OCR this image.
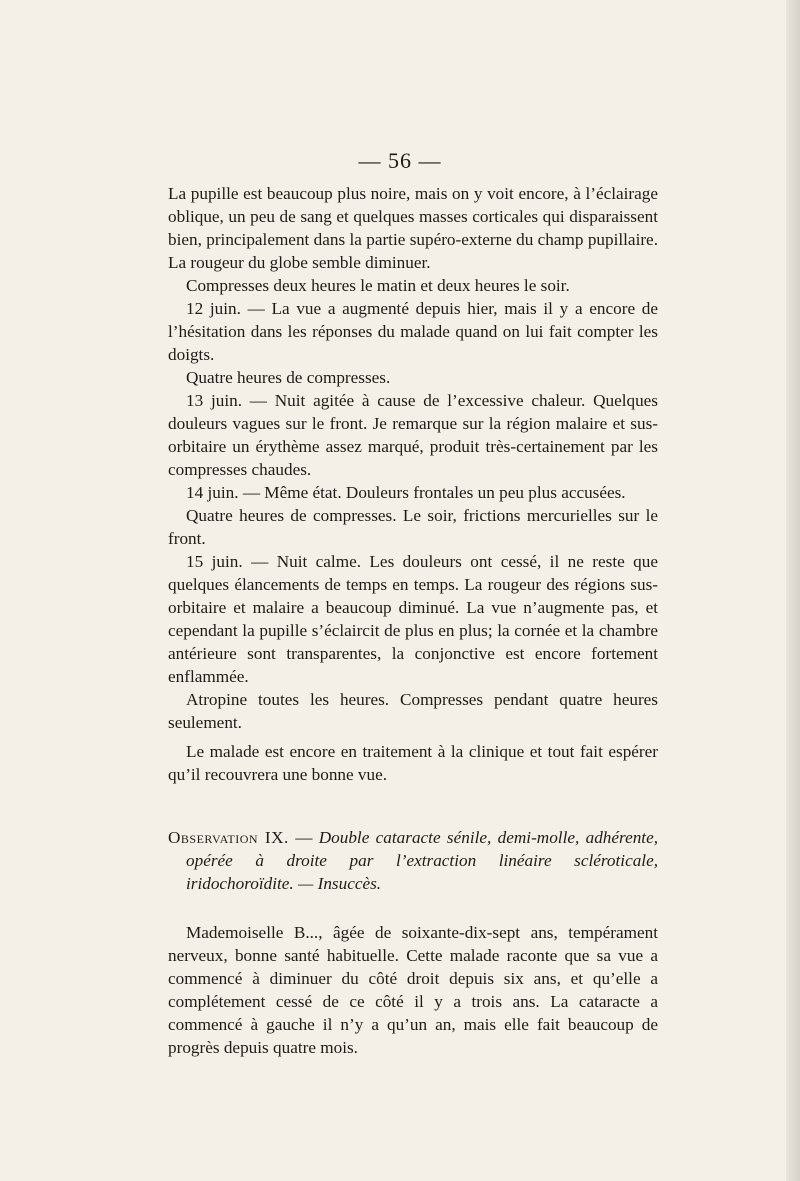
— 56 —

La pupille est beaucoup plus noire, mais on y voit encore, à l’éclairage oblique, un peu de sang et quelques masses corticales qui disparaissent bien, principalement dans la partie supéro-externe du champ pupillaire. La rougeur du globe semble diminuer.

Compresses deux heures le matin et deux heures le soir.

12 juin. — La vue a augmenté depuis hier, mais il y a encore de l’hésitation dans les réponses du malade quand on lui fait compter les doigts.

Quatre heures de compresses.

13 juin. — Nuit agitée à cause de l’excessive chaleur. Quelques douleurs vagues sur le front. Je remarque sur la région malaire et sus-orbitaire un érythème assez marqué, produit très-certainement par les compresses chaudes.

14 juin. — Même état. Douleurs frontales un peu plus accusées.

Quatre heures de compresses. Le soir, frictions mercurielles sur le front.

15 juin. — Nuit calme. Les douleurs ont cessé, il ne reste que quelques élancements de temps en temps. La rougeur des régions sus-orbitaire et malaire a beaucoup diminué. La vue n’augmente pas, et cependant la pupille s’éclaircit de plus en plus; la cornée et la chambre antérieure sont transparentes, la conjonctive est encore fortement enflammée.

Atropine toutes les heures. Compresses pendant quatre heures seulement.

Le malade est encore en traitement à la clinique et tout fait espérer qu’il recouvrera une bonne vue.

Observation IX. — Double cataracte sénile, demi-molle, adhérente, opérée à droite par l’extraction linéaire scléroticale, iridochoroïdite. — Insuccès.

Mademoiselle B..., âgée de soixante-dix-sept ans, tempérament nerveux, bonne santé habituelle. Cette malade raconte que sa vue a commencé à diminuer du côté droit depuis six ans, et qu’elle a complétement cessé de ce côté il y a trois ans. La cataracte a commencé à gauche il n’y a qu’un an, mais elle fait beaucoup de progrès depuis quatre mois.
